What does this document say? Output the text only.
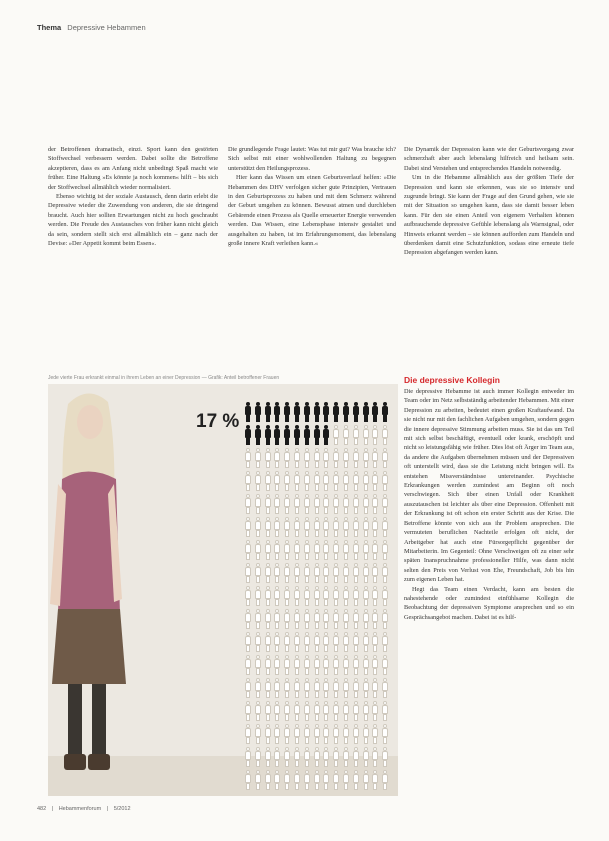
Thema Depressive Hebammen

der Betroffenen dramatisch, einzi. Sport kann den gestörten Stoffwechsel verbessern werden. Dabei sollte die Betroffene akzeptieren, dass es am Anfang nicht unbedingt Spaß macht wie früher. Eine Haltung »Es könnte ja noch kommen« hilft – bis sich der Stoffwechsel allmählich wieder normalisiert.

Ebenso wichtig ist der soziale Austausch, denn darin erlebt die Depressive wieder die Zuwendung von anderen, die sie dringend braucht. Auch hier sollten Erwartungen nicht zu hoch geschraubt werden. Die Freude des Austausches von früher kann nicht gleich da sein, sondern stellt sich erst allmählich ein – ganz nach der Devise: »Der Appetit kommt beim Essen«.

Die grundlegende Frage lautet: Was tut mir gut? Was brauche ich? Sich selbst mit einer wohlwollenden Haltung zu begegnen unterstützt den Heilungsprozess.

Hier kann das Wissen um einen Geburtsverlauf helfen: »Die Hebammen des DHV verfolgen sicher gute Prinzipien, Vertrauen in den Geburtsprozess zu haben und mit dem Schmerz während der Geburt umgehen zu können. Bewusst atmen und durchleben Gebärende einen Prozess als Quelle erneuerter Energie verwenden werden. Das Wissen, eine Lebensphase intensiv gestaltet und ausgehalten zu haben, ist im Erfahrungsmoment, das lebenslang große innere Kraft verleihen kann.«

Die Dynamik der Depression kann wie der Geburtsvorgang zwar schmerzhaft aber auch lebenslang hilfreich und heilsam sein. Dabei sind Verstehen und entsprechendes Handeln notwendig.

Um in die Hebamme allmählich aus der größten Tiefe der Depression und kann sie erkennen, was sie so intensiv und zugrunde bringt. Sie kann der Frage auf den Grund gehen, wie sie mit der Situation so umgehen kann, dass sie damit besser leben kann. Für den sie einen Anteil von eigenem Verhalten können aufbrauchende depressive Gefühle lebenslang als Warnsignal, oder Hinweis erkannt werden – sie können aufforden zum Handeln und überdenken damit eine Schutzfunktion, sodass eine erneute tiefe Depression abgefangen werden kann.

Jede vierte Frau erkrankt einmal in ihrem Leben an einer Depression — Grafik: Anteil betroffener Frauen
17 %
Die depressive Kollegin

Die depressive Hebamme ist auch immer Kollegin entweder im Team oder im Netz selbstständig arbeitender Hebammen. Mit einer Depression zu arbeiten, bedeutet einen großen Kraftaufwand. Da sie nicht nur mit den fachlichen Aufgaben umgehen, sondern gegen die innere depressive Stimmung arbeiten muss. Sie ist das um Teil mit sich selbst beschäftigt, eventuell oder krank, erschöpft und nicht so leistungsfähig wie früher. Dies löst oft Ärger im Team aus, da andere die Aufgaben übernehmen müssen und der Depressiven oft unterstellt wird, dass sie die Leistung nicht bringen will. Es entstehen Missverständnisse untereinander. Psychische Erkrankungen werden zumindest am Beginn oft noch verschwiegen. Sich über einen Unfall oder Krankheit auszutauschen ist leichter als über eine Depression. Offenheit mit der Erkrankung ist oft schon ein erster Schritt aus der Krise. Die Betroffene könnte von sich aus ihr Problem ansprechen. Die vermuteten beruflichen Nachteile erfolgen oft nicht, der Arbeitgeber hat auch eine Fürsorgepflicht gegenüber der Mitarbeiterin. Im Gegenteil: Ohne Verschweigen oft zu einer sehr späten Inanspruchnahme professioneller Hilfe, was dann nicht selten den Preis von Verlust von Ehe, Freundschaft, Job bis hin zum eigenen Leben hat.

Hegt das Team einen Verdacht, kann am besten die nahestehende oder zumindest einfühlsame Kollegin die Beobachtung der depressiven Symptome ansprechen und so ein Gesprächsangebot machen. Dabei ist es hilf-

482 | Hebammenforum | 5/2012
